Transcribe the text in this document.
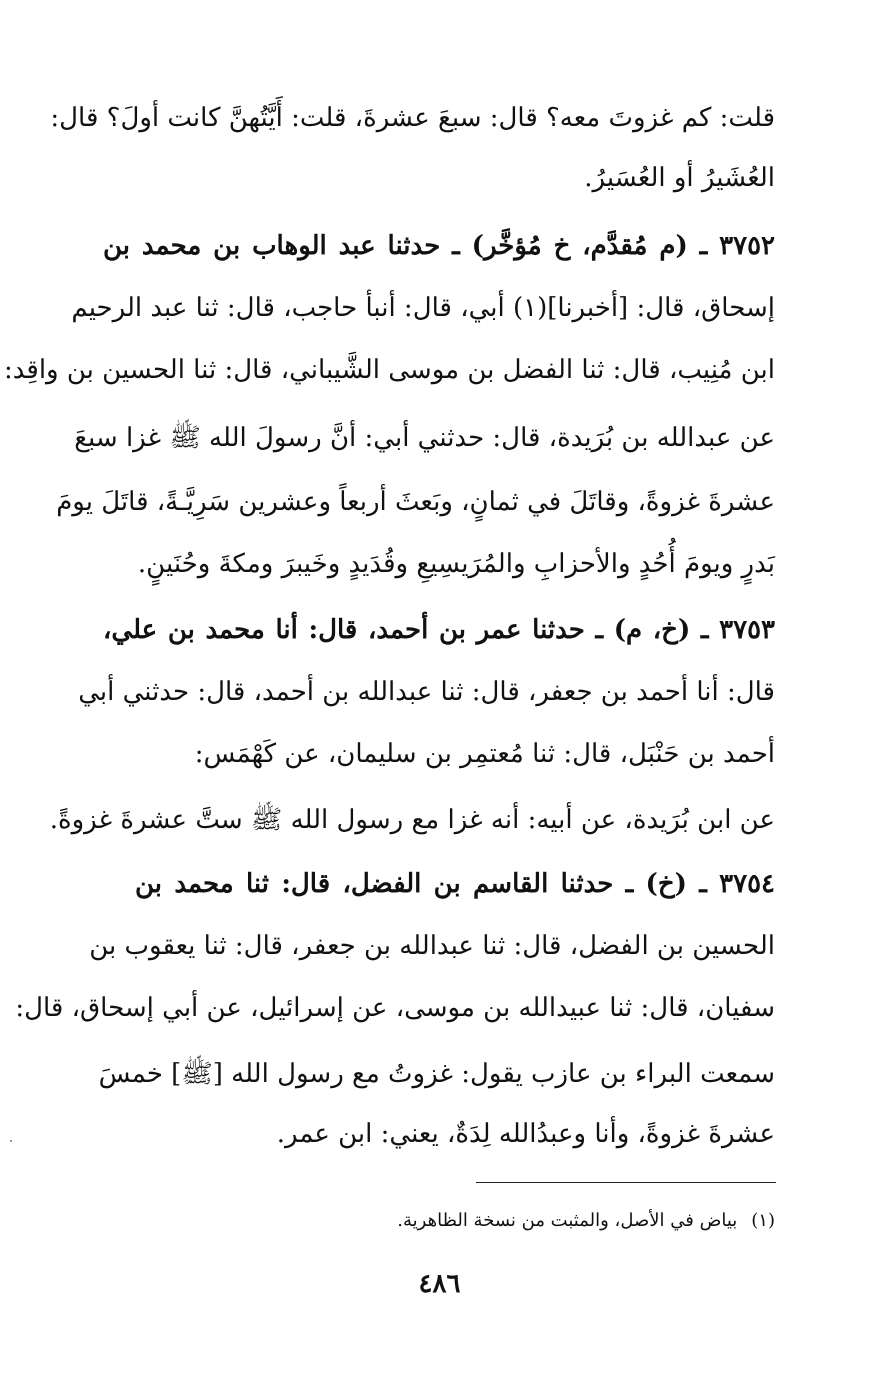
قلت: كم غزوتَ معه؟ قال: سبعَ عشرةَ، قلت: أَيَّتُهنَّ كانت أولَ؟ قال:
العُشَيرُ أو العُسَيرُ.
٣٧٥٢ ـ (م مُقدَّم، خ مُؤخَّر) ـ حدثنا عبد الوهاب بن محمد بن
إسحاق، قال: [أخبرنا](١) أبي، قال: أنبأ حاجب، قال: ثنا عبد الرحيم
ابن مُنِيب، قال: ثنا الفضل بن موسى الشَّيباني، قال: ثنا الحسين بن واقِد:
عن عبدالله بن بُرَيدة، قال: حدثني أبي: أنَّ رسولَ الله ﷺ غزا سبعَ
عشرةَ غزوةً، وقاتَلَ في ثمانٍ، وبَعثَ أربعاً وعشرين سَرِيَّـةً، قاتَلَ يومَ
بَدرٍ ويومَ أُحُدٍ والأحزابِ والمُرَيسِيعِ وقُدَيدٍ وخَيبرَ ومكةَ وحُنَينٍ.
٣٧٥٣ ـ (خ، م) ـ حدثنا عمر بن أحمد، قال: أنا محمد بن علي،
قال: أنا أحمد بن جعفر، قال: ثنا عبدالله بن أحمد، قال: حدثني أبي
أحمد بن حَنْبَل، قال: ثنا مُعتمِر بن سليمان، عن كَهْمَس:
عن ابن بُرَيدة، عن أبيه: أنه غزا مع رسول الله ﷺ ستَّ عشرةَ غزوةً.
٣٧٥٤ ـ (خ) ـ حدثنا القاسم بن الفضل، قال: ثنا محمد بن
الحسين بن الفضل، قال: ثنا عبدالله بن جعفر، قال: ثنا يعقوب بن
سفيان، قال: ثنا عبيدالله بن موسى، عن إسرائيل، عن أبي إسحاق، قال:
سمعت البراء بن عازب يقول: غزوتُ مع رسول الله [ﷺ] خمسَ
عشرةَ غزوةً، وأنا وعبدُالله لِدَةٌ، يعني: ابن عمر.
(١)بياض في الأصل، والمثبت من نسخة الظاهرية.
٤٨٦
